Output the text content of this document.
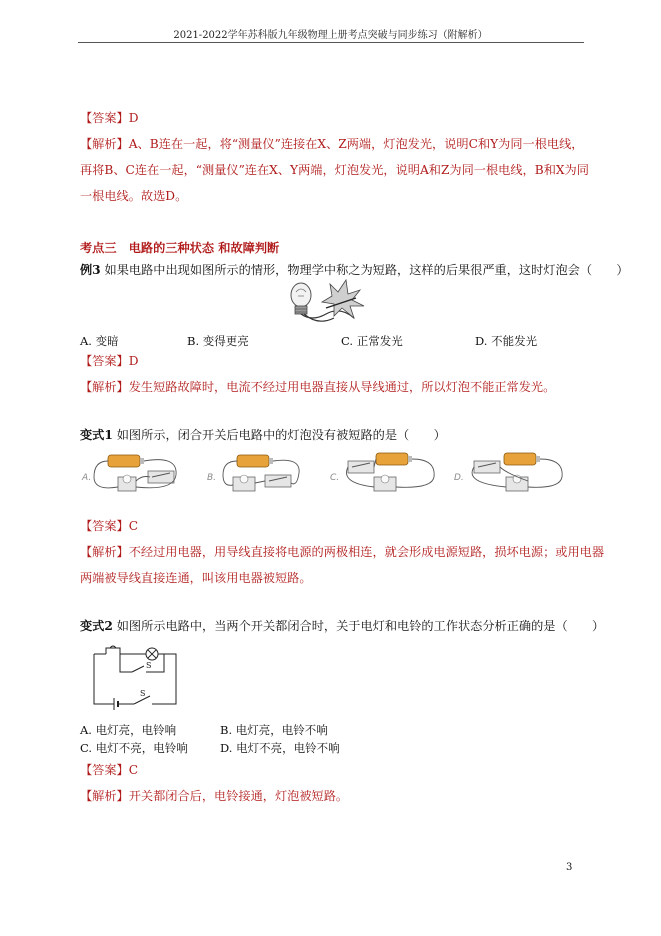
2021-2022学年苏科版九年级物理上册考点突破与同步练习（附解析）
【答案】D
【解析】A、B连在一起，将“测量仪”连接在X、Z两端，灯泡发光，说明C和Y为同一根电线，
再将B、C连在一起，“测量仪”连在X、Y两端，灯泡发光，说明A和Z为同一根电线，B和X为同
一根电线。故选D。
考点三　电路的三种状态 和故障判断
例3 如果电路中出现如图所示的情形，物理学中称之为短路，这样的后果很严重，这时灯泡会（　　）
A. 变暗	B. 变得更亮	C. 正常发光	D. 不能发光
【答案】D
【解析】发生短路故障时，电流不经过用电器直接从导线通过，所以灯泡不能正常发光。
变式1 如图所示，闭合开关后电路中的灯泡没有被短路的是（　　）
A.	B.	C.	D.
【答案】C
【解析】不经过用电器，用导线直接将电源的两极相连，就会形成电源短路，损坏电源；或用电器
两端被导线直接连通，叫该用电器被短路。
变式2 如图所示电路中，当两个开关都闭合时，关于电灯和电铃的工作状态分析正确的是（　　）
S
S
A. 电灯亮，电铃响	B. 电灯亮，电铃不响
C. 电灯不亮，电铃响	D. 电灯不亮，电铃不响
【答案】C
【解析】开关都闭合后，电铃接通，灯泡被短路。
3
